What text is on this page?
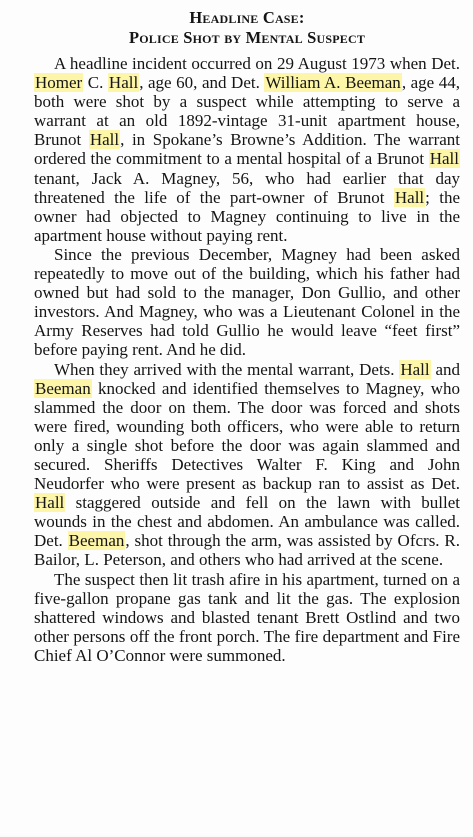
Headline Case:
Police Shot by Mental Suspect

A headline incident occurred on 29 August 1973 when Det. Homer C. Hall, age 60, and Det. William A. Beeman, age 44, both were shot by a suspect while attempting to serve a warrant at an old 1892-vintage 31-unit apartment house, Brunot Hall, in Spokane’s Browne’s Addition. The warrant ordered the commitment to a mental hospital of a Brunot Hall tenant, Jack A. Magney, 56, who had earlier that day threatened the life of the part-owner of Brunot Hall; the owner had objected to Magney continuing to live in the apartment house without paying rent.

Since the previous December, Magney had been asked repeatedly to move out of the building, which his father had owned but had sold to the manager, Don Gullio, and other investors. And Magney, who was a Lieutenant Colonel in the Army Reserves had told Gullio he would leave “feet first” before paying rent. And he did.

When they arrived with the mental warrant, Dets. Hall and Beeman knocked and identified themselves to Magney, who slammed the door on them. The door was forced and shots were fired, wounding both officers, who were able to return only a single shot before the door was again slammed and secured. Sheriffs Detectives Walter F. King and John Neudorfer who were present as backup ran to assist as Det. Hall staggered outside and fell on the lawn with bullet wounds in the chest and abdomen. An ambulance was called. Det. Beeman, shot through the arm, was assisted by Ofcrs. R. Bailor, L. Peterson, and others who had arrived at the scene.

The suspect then lit trash afire in his apartment, turned on a five-gallon propane gas tank and lit the gas. The explosion shattered windows and blasted tenant Brett Ostlind and two other persons off the front porch. The fire department and Fire Chief Al O’Connor were summoned.
